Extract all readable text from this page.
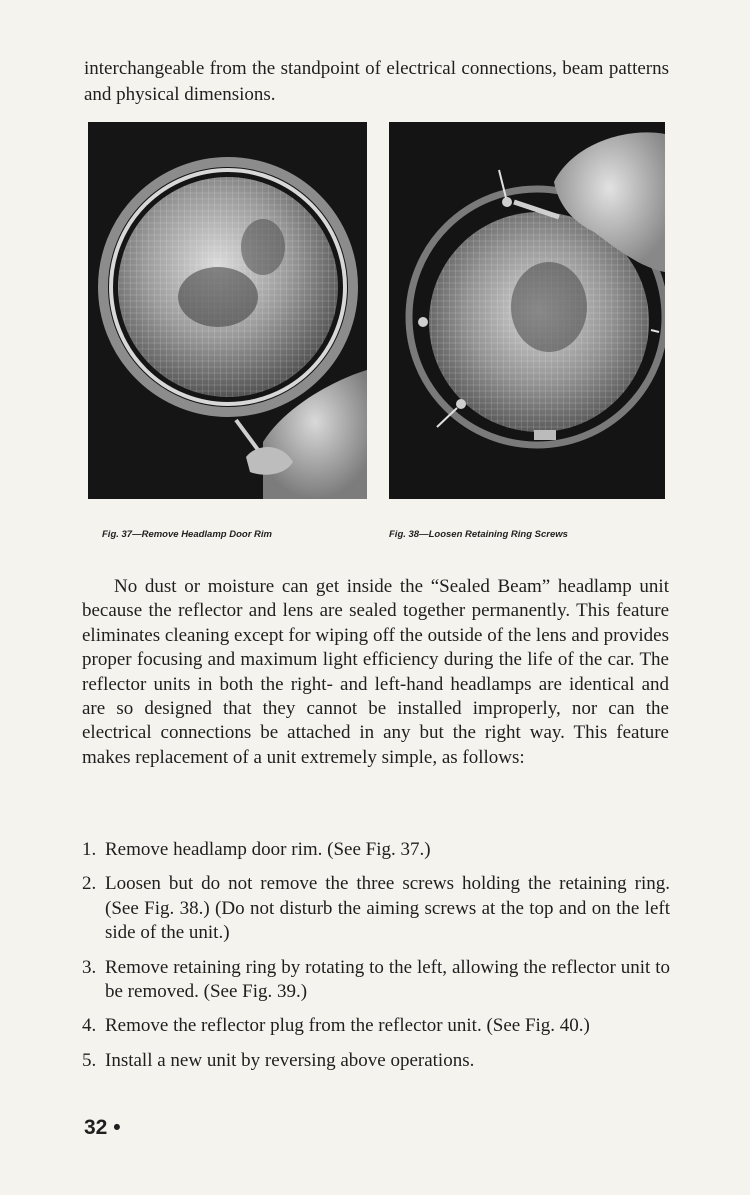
interchangeable from the standpoint of electrical connections, beam patterns and physical dimensions.

Fig. 37—Remove Headlamp Door Rim	Fig. 38—Loosen Retaining Ring Screws

No dust or moisture can get inside the “Sealed Beam” headlamp unit because the reflector and lens are sealed together permanently. This feature eliminates cleaning except for wiping off the outside of the lens and provides proper focusing and maximum light efficiency during the life of the car. The reflector units in both the right- and left-hand headlamps are identical and are so designed that they cannot be installed improperly, nor can the electrical connections be attached in any but the right way. This feature makes replacement of a unit extremely simple, as follows:

1. Remove headlamp door rim. (See Fig. 37.)
2. Loosen but do not remove the three screws holding the retaining ring. (See Fig. 38.) (Do not disturb the aiming screws at the top and on the left side of the unit.)
3. Remove retaining ring by rotating to the left, allowing the reflector unit to be removed. (See Fig. 39.)
4. Remove the reflector plug from the reflector unit. (See Fig. 40.)
5. Install a new unit by reversing above operations.
32 •
